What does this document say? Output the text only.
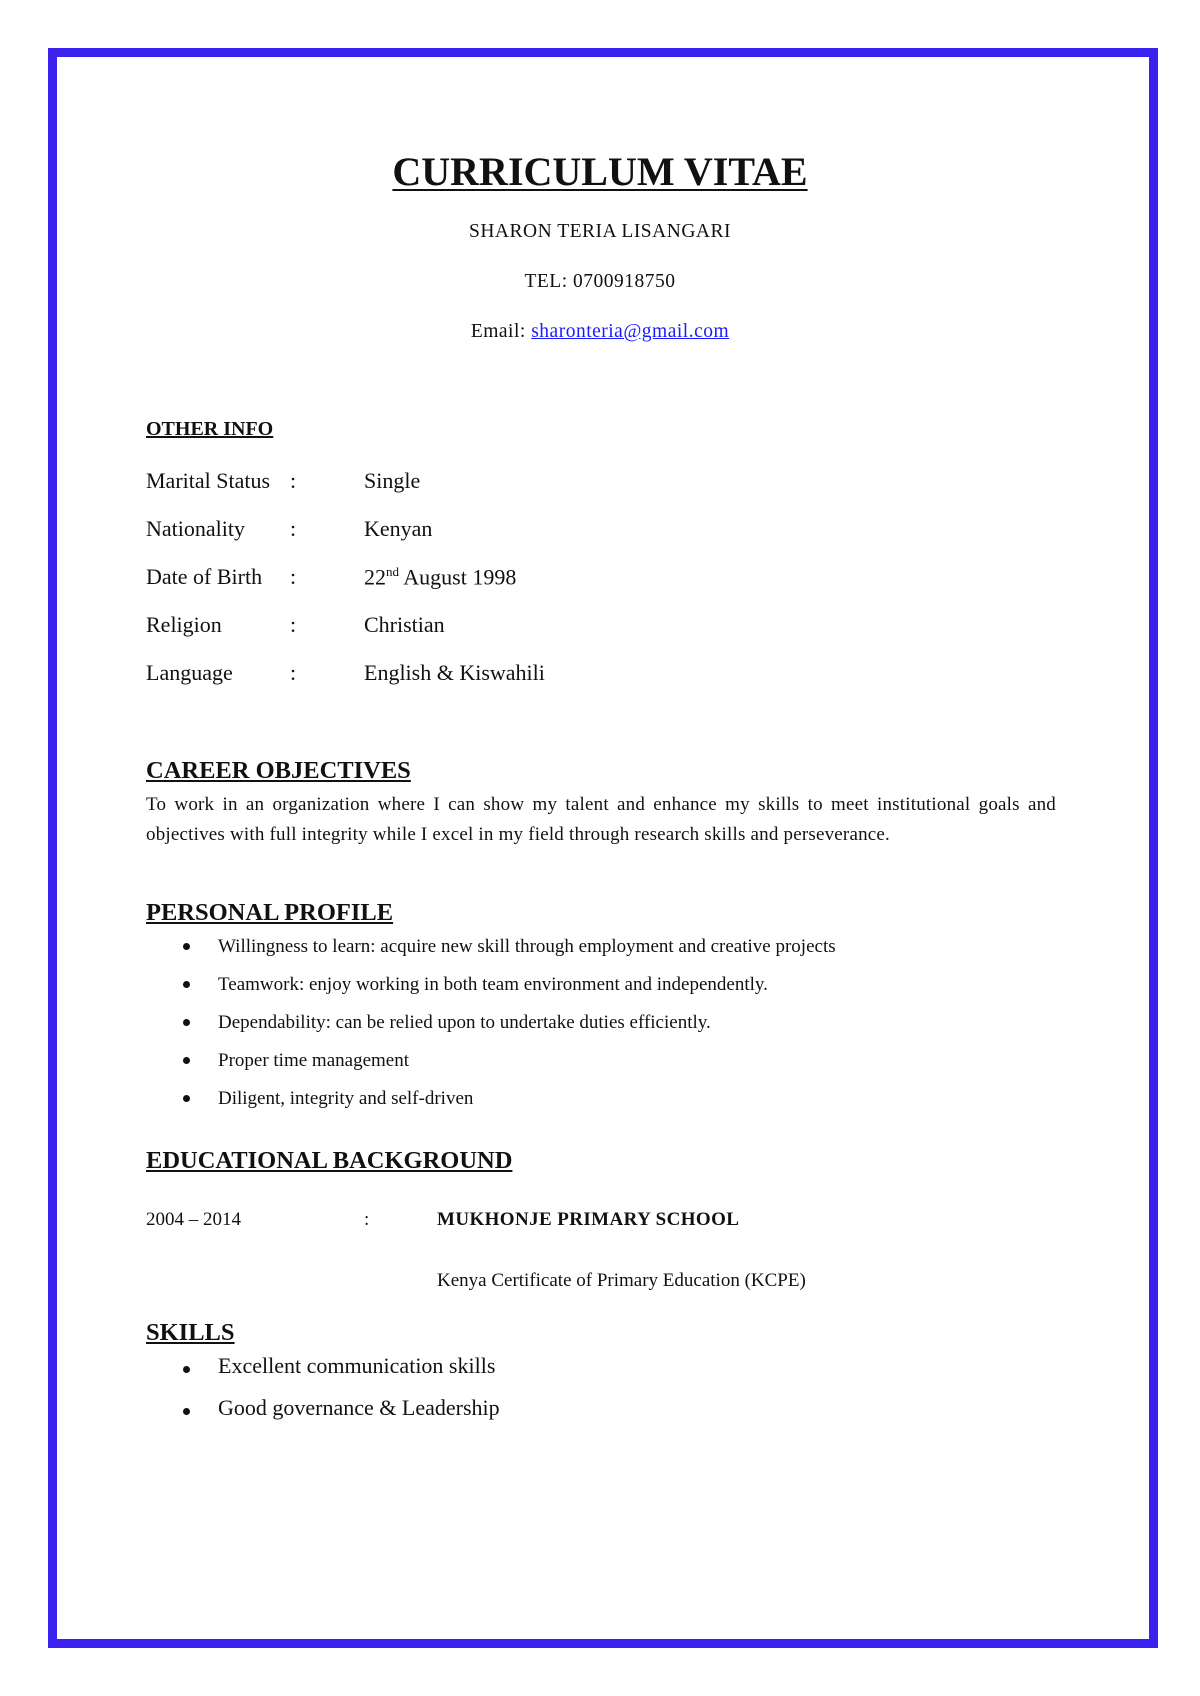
CURRICULUM VITAE
SHARON TERIA LISANGARI
TEL: 0700918750
Email: sharonteria@gmail.com
OTHER INFO
Marital Status :	Single
Nationality :	Kenyan
Date of Birth :	22nd August 1998
Religion	:	Christian
Language	:	English & Kiswahili
CAREER OBJECTIVES
To work in an organization where I can show my talent and enhance my skills to meet institutional goals and objectives with full integrity while I excel in my field through research skills and perseverance.
PERSONAL PROFILE
Willingness to learn: acquire new skill through employment and creative projects
Teamwork: enjoy working in both team environment and independently.
Dependability: can be relied upon to undertake duties efficiently.
Proper time management
Diligent, integrity and self-driven
EDUCATIONAL BACKGROUND
2004 – 2014	:	MUKHONJE PRIMARY SCHOOL
Kenya Certificate of Primary Education (KCPE)
SKILLS
Excellent communication skills
Good governance & Leadership
